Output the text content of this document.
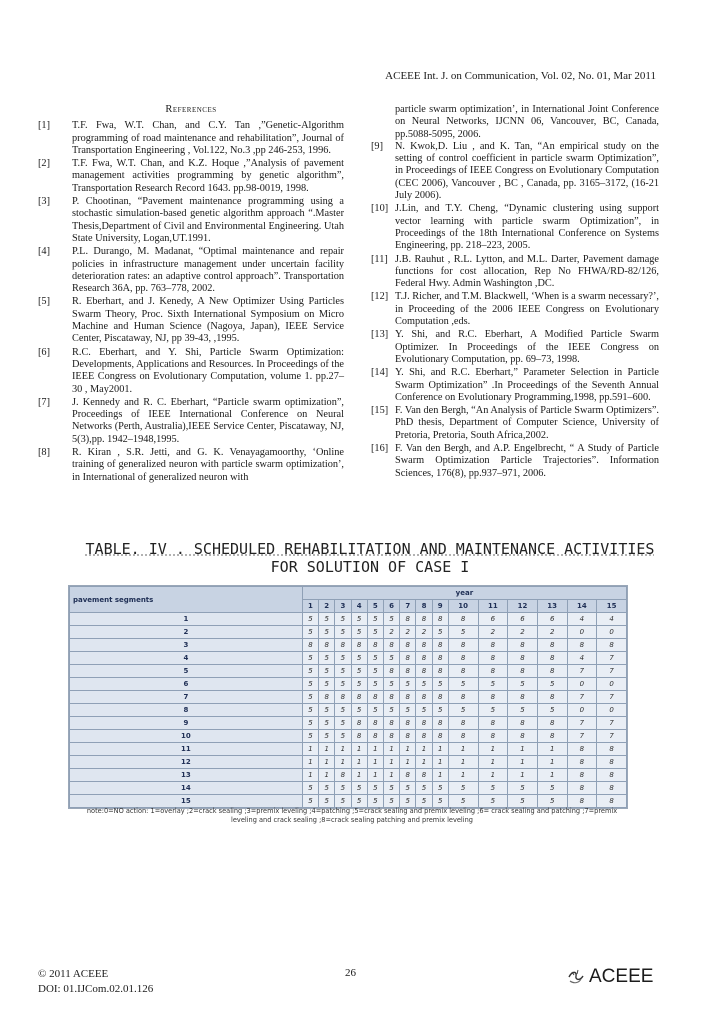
ACEEE Int. J. on Communication, Vol. 02, No. 01, Mar 2011
References
[1]	T.F. Fwa, W.T. Chan, and C.Y. Tan ,”Genetic-Algorithm programming of road maintenance and rehabilitation”, Journal of Transportation Engineering , Vol.122, No.3 ,pp 246-253, 1996.
[2]	T.F. Fwa, W.T. Chan, and K.Z. Hoque ,”Analysis of pavement management activities programming by genetic algorithm”, Transportation Research Record 1643. pp.98-0019, 1998.
[3]	P. Chootinan, “Pavement maintenance programming using a stochastic simulation-based genetic algorithm approach “.Master Thesis,Department of Civil and Environmental Engineering. Utah State University, Logan,UT.1991.
[4]	P.L. Durango, M. Madanat, “Optimal maintenance and repair policies in infrastructure management under uncertain facility deterioration rates: an adaptive control approach”. Transportation Research 36A, pp. 763–778, 2002.
[5]	R. Eberhart, and J. Kenedy, A New Optimizer Using Particles Swarm Theory, Proc. Sixth International Symposium on Micro Machine and Human Science (Nagoya, Japan), IEEE Service Center, Piscataway, NJ, pp 39-43, ,1995.
[6]	R.C. Eberhart, and Y. Shi, Particle Swarm Optimization: Developments, Applications and Resources. In Proceedings of the IEEE Congress on Evolutionary Computation, volume 1. pp.27–30 , May2001.
[7]	J. Kennedy and R. C. Eberhart, “Particle swarm optimization”, Proceedings of IEEE International Conference on Neural Networks (Perth, Australia),IEEE Service Center, Piscataway, NJ, 5(3),pp. 1942–1948,1995.
[8]	R. Kiran , S.R. Jetti, and G. K. Venayagamoorthy, ‘Online training of generalized neuron with particle swarm optimization’, in International of generalized neuron with
particle swarm optimization’, in International Joint Conference on Neural Networks, IJCNN 06, Vancouver, BC, Canada, pp.5088-5095, 2006.
[9]	N. Kwok,D. Liu , and K. Tan, “An empirical study on the setting of control coefficient in particle swarm Optimization”, in Proceedings of IEEE Congress on Evolutionary Computation (CEC 2006), Vancouver , BC , Canada, pp. 3165–3172, (16-21 July 2006).
[10] J.Lin, and T.Y. Cheng, “Dynamic clustering using support vector learning with particle swarm Optimization”, in Proceedings of the 18th International Conference on Systems Engineering, pp. 218–223, 2005.
[11] J.B. Rauhut , R.L. Lytton, and M.L. Darter, Pavement damage functions for cost allocation, Rep No FHWA/RD-82/126, Federal Hwy. Admin Washington ,DC.
[12] T.J. Richer, and T.M. Blackwell, ‘When is a swarm necessary?’, in Proceeding of the 2006 IEEE Congress on Evolutionary Computation ,eds.
[13] Y. Shi, and R.C. Eberhart, A Modified Particle Swarm Optimizer. In Proceedings of the IEEE Congress on Evolutionary Computation, pp. 69–73, 1998.
[14] Y. Shi, and R.C. Eberhart,” Parameter Selection in Particle Swarm Optimization” .In Proceedings of the Seventh Annual Conference on Evolutionary Programming,1998, pp.591–600.
[15] F. Van den Bergh, “An Analysis of Particle Swarm Optimizers”. PhD thesis, Department of Computer Science, University of Pretoria, Pretoria, South Africa,2002.
[16] F. Van den Bergh, and A.P. Engelbrecht, “ A Study of Particle Swarm Optimization Particle Trajectories”. Information Sciences, 176(8), pp.937–971, 2006.
TABLE. IV . SCHEDULED REHABILITATION AND MAINTENANCE ACTIVITIES
FOR SOLUTION OF CASE I
pavement segments	year														
	1	2	3	4	5	6	7	8	9	10	11	12	13	14	15
1	5	5	5	5	5	5	8	8	8	8	6	6	6	4	4
2	5	5	5	5	5	2	2	2	5	5	2	2	2	0	0
3	8	8	8	8	8	8	8	8	8	8	8	8	8	8	8
4	5	5	5	5	5	5	8	8	8	8	8	8	8	4	7
5	5	5	5	5	5	8	8	8	8	8	8	8	8	7	7
6	5	5	5	5	5	5	5	5	5	5	5	5	5	0	0
7	5	8	8	8	8	8	8	8	8	8	8	8	8	7	7
8	5	5	5	5	5	5	5	5	5	5	5	5	5	0	0
9	5	5	5	8	8	8	8	8	8	8	8	8	8	7	7
10	5	5	5	8	8	8	8	8	8	8	8	8	8	7	7
11	1	1	1	1	1	1	1	1	1	1	1	1	1	8	8
12	1	1	1	1	1	1	1	1	1	1	1	1	1	8	8
13	1	1	8	1	1	1	8	8	1	1	1	1	1	8	8
14	5	5	5	5	5	5	5	5	5	5	5	5	5	8	8
15	5	5	5	5	5	5	5	5	5	5	5	5	5	8	8
note:0=NO action: 1=overlay ;2=crack sealing ;3=premix leveling ;4=patching ;5=crack sealing and premix leveling ;6= crack sealing and patching ;7=premix leveling and crack sealing ;8=crack sealing patching and premix leveling
© 2011 ACEEE
DOI: 01.IJCom.02.01.126
26	ACEEE
